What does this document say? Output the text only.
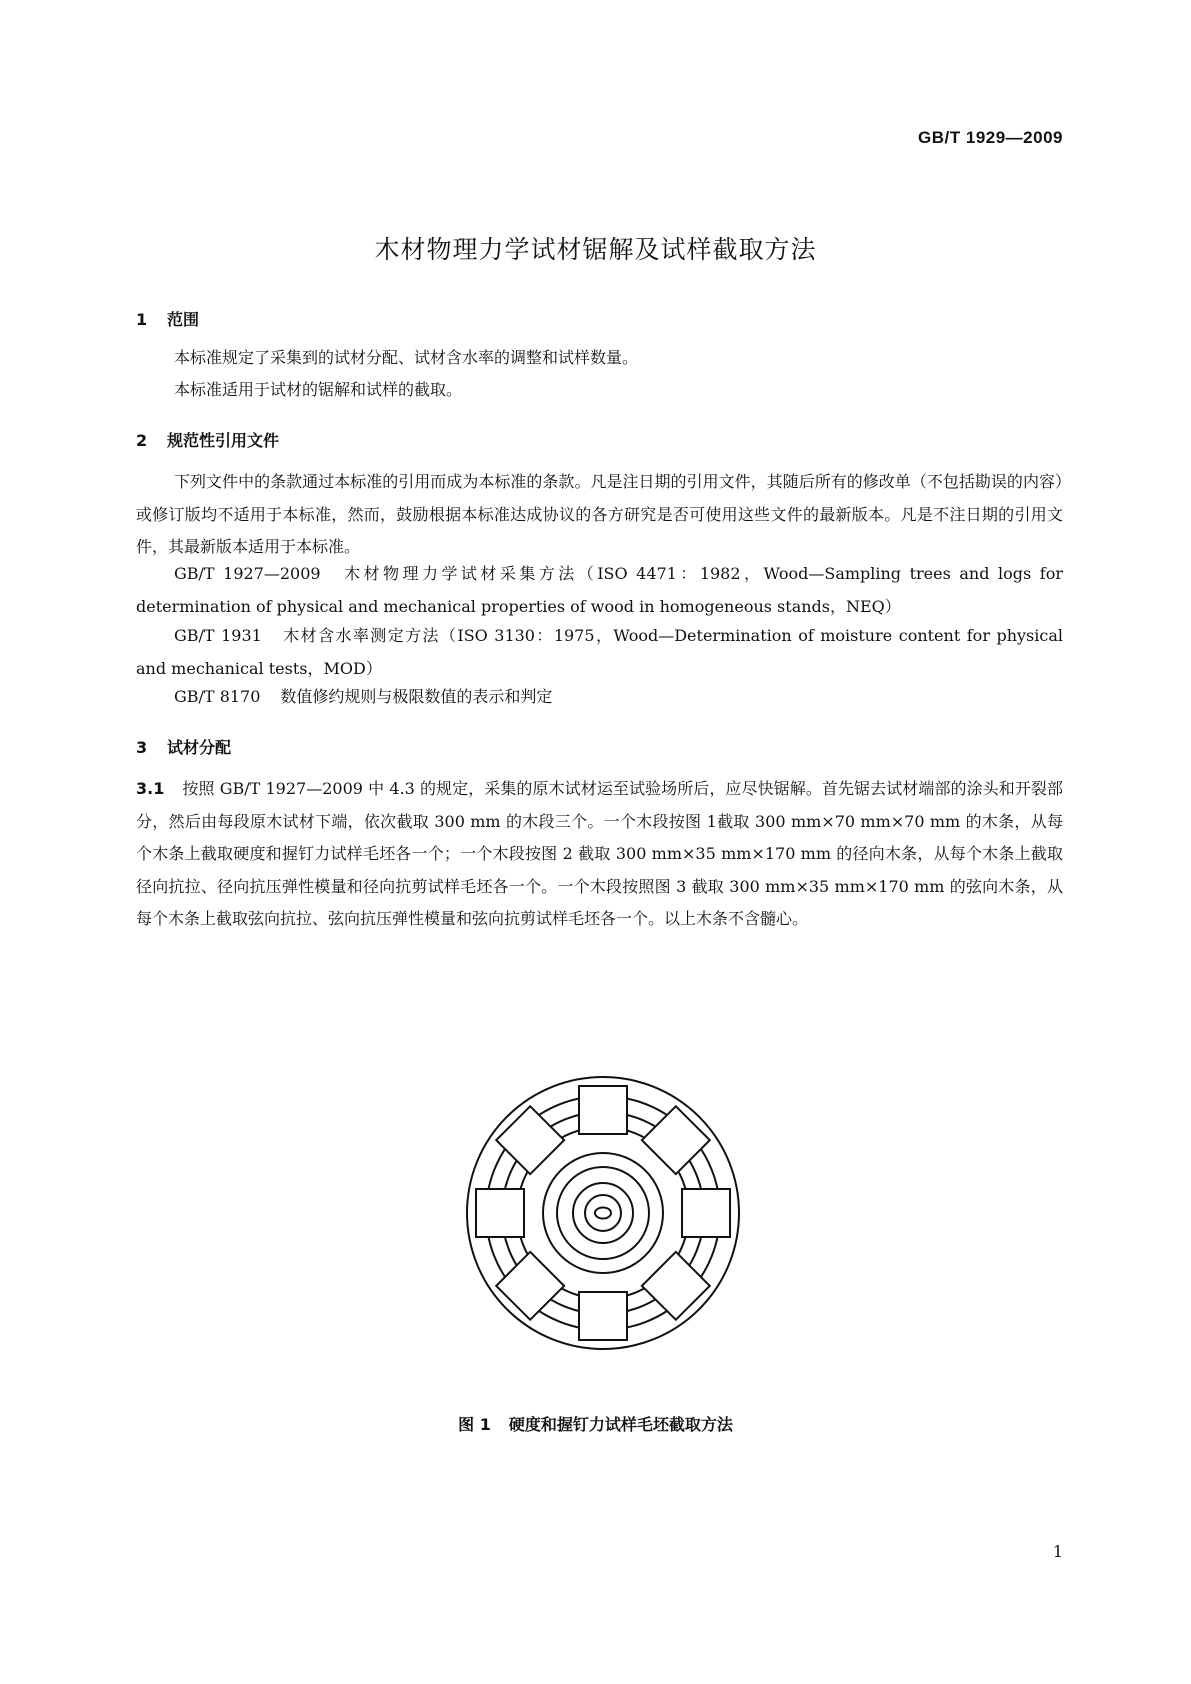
GB/T 1929—2009
木材物理力学试材锯解及试样截取方法
1 范围
本标准规定了采集到的试材分配、试材含水率的调整和试样数量。
本标准适用于试材的锯解和试样的截取。
2 规范性引用文件
下列文件中的条款通过本标准的引用而成为本标准的条款。凡是注日期的引用文件，其随后所有的修改单（不包括勘误的内容）或修订版均不适用于本标准，然而，鼓励根据本标准达成协议的各方研究是否可使用这些文件的最新版本。凡是不注日期的引用文件，其最新版本适用于本标准。
GB/T 1927—2009 木材物理力学试材采集方法（ISO 4471：1982，Wood—Sampling trees and logs for determination of physical and mechanical properties of wood in homogeneous stands，NEQ）
GB/T 1931 木材含水率测定方法（ISO 3130：1975，Wood—Determination of moisture content for physical and mechanical tests，MOD）
GB/T 8170 数值修约规则与极限数值的表示和判定
3 试材分配
3.1 按照 GB/T 1927—2009 中 4.3 的规定，采集的原木试材运至试验场所后，应尽快锯解。首先锯去试材端部的涂头和开裂部分，然后由每段原木试材下端，依次截取 300 mm 的木段三个。一个木段按图 1截取 300 mm×70 mm×70 mm 的木条，从每个木条上截取硬度和握钉力试样毛坯各一个；一个木段按图 2 截取 300 mm×35 mm×170 mm 的径向木条，从每个木条上截取径向抗拉、径向抗压弹性模量和径向抗剪试样毛坯各一个。一个木段按照图 3 截取 300 mm×35 mm×170 mm 的弦向木条，从每个木条上截取弦向抗拉、弦向抗压弹性模量和弦向抗剪试样毛坯各一个。以上木条不含髓心。
图 1 硬度和握钉力试样毛坯截取方法
1
